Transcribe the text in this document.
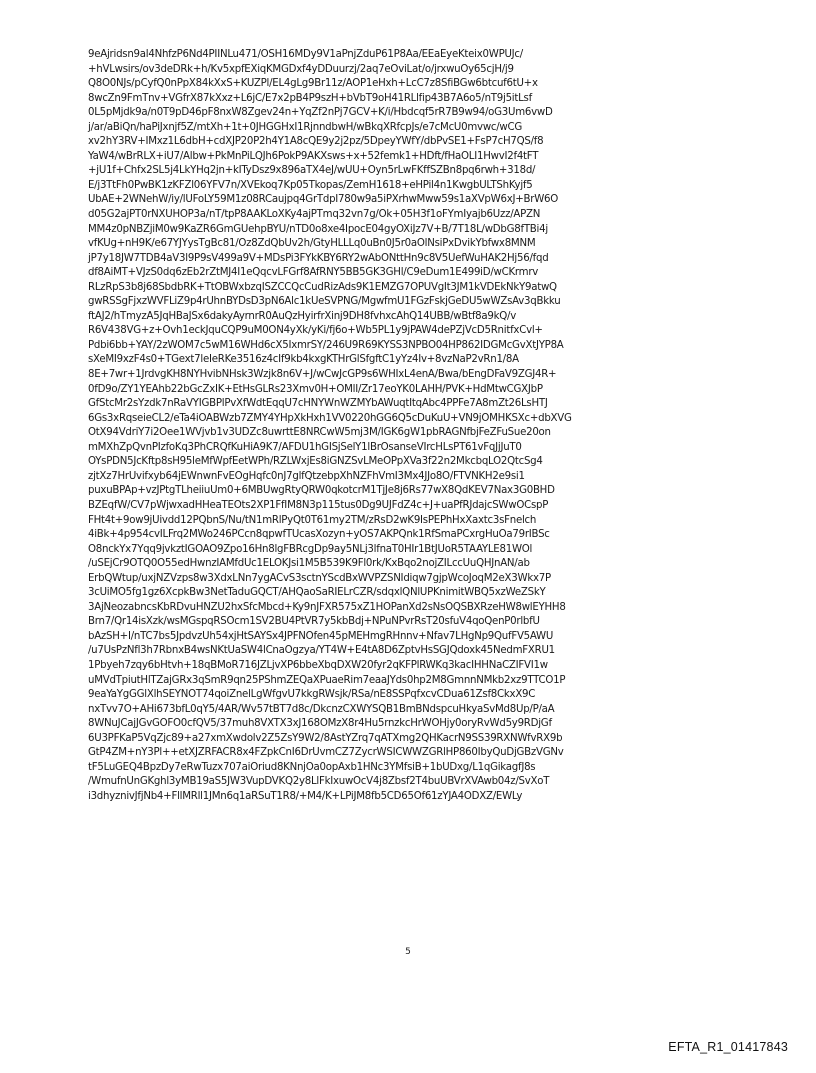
9eAjridsn9al4NhfzP6Nd4PIINLu471/OSH16MDy9V1aPnjZduP61P8Aa/EEaEyeKteix0WPUJc/
+hVLwsirs/ov3deDRk+h/Kv5xpfEXiqKMGDxf4yDDuurzj/2aq7eOviLat/o/jrxwuOy65cjH/j9
Q8O0NJs/pCyfQ0nPpX84kXxS+KUZPl/EL4gLg9Br11z/AOP1eHxh+LcC7z8SfiBGw6btcuf6tU+x
8wcZn9FmTnv+VGfrX87kXxz+L6jC/E7x2pB4P9szH+bVbT9oH41RLlfip43B7A6o5/nT9j5itLsf
0L5pMjdk9a/n0T9pD46pF8nxW8Zgev24n+YqZf2nPj7GCV+K/i/Hbdcqf5rR7B9w94/oG3Um6vwD
j/ar/aBiQn/haPiJxnjf5Z/mtXh+1t+0JHGGHxI1RjnndbwH/wBkqXRfcpJs/e7cMcU0mvwc/wCG
xv2hY3RV+IMxz1L6dbH+cdXJP20P2h4Y1A8cQE9y2j2pz/5DpeyYWfY/dbPvSE1+FsP7cH7QS/f8
YaW4/wBrRLX+iU7/Albw+PkMnPiLQJh6PokP9AKXsws+x+52femk1+HDft/fHaOLI1HwvI2f4tFT
+jU1f+Chfx2SL5j4LkYHq2jn+kITyDsz9x896aTX4eJ/wUU+Oyn5rLwFKffSZBn8pq6rwh+318d/
E/j3TtFh0PwBK1zKFZl06YFV7n/XVEkoq7Kp05Tkopas/ZemH1618+eHPil4n1KwgbULTShKyjf5
UbAE+2WNehW/iy/lUFoLY59M1z08RCaujpq4GrTdpI780w9a5iPXrhwMww59s1aXVpW6xJ+BrW6O
d05G2ajPT0rNXUHOP3a/nT/tpP8AAKLoXKy4ajPTmq32vn7g/Ok+05H3f1oFYmIyajb6Uzz/APZN
MM4z0pNBZjiM0w9KaZR6GmGUehpBYU/nTD0o8xe4IpocE04gyOXiJz7V+B/7T18L/wDbG8fTBi4j
vfKUg+nH9K/e67YJYysTgBc81/Oz8ZdQbUv2h/GtyHLLLq0uBn0J5r0aOlNsiPxDvikYbfwx8MNM
jP7y18JW7TDB4aV3l9P9sV499a9V+MDsPi3FYkKBY6RY2wAbONttHn9c8V5UefWuHAK2Hj56/fqd
df8AiMT+VJzS0dq6zEb2rZtMJ4I1eQqcvLFGrf8AfRNY5BB5GK3GHl/C9eDum1E499iD/wCKrmrv
RLzRpS3b8j68SbdbRK+TtOBWxbzqISZCCQcCudRizAds9K1EMZG7OPUVgIt3JM1kVDEkNkY9atwQ
gwRSSgFjxzWVFLiZ9p4rUhnBYDsD3pN6Alc1kUeSVPNG/MgwfmU1FGzFskjGeDU5wWZsAv3qBkku
ftAJ2/hTmyzA5JqHBaJSx6dakyAyrnrR0AuQzHyirfrXinj9DH8fvhxcAhQ14UBB/wBtf8a9kQ/v
R6V438VG+z+Ovh1eckJquCQP9uM0ON4yXk/yKi/fj6o+Wb5PL1y9jPAW4dePZjVcD5RnitfxCvl+
Pdbi6bb+YAY/2zWOM7c5wM16WHd6cX5IxmrSY/246U9R69KYSS3NPBO04HP862IDGMcGvXtJYP8A
sXeMI9xzF4s0+TGext7leIeRKe3516z4cIf9kb4kxgKTHrGlSfgftC1yYz4Iv+8vzNaP2vRn1/8A
8E+7wr+1JrdvgKH8NYHvibNHsk3Wzjk8n6V+J/wCwJcGP9s6WHIxL4enA/Bwa/bEngDFaV9ZGJ4R+
0fD9o/ZY1YEAhb22bGcZxIK+EtHsGLRs23Xmv0H+OMlI/Zr17eoYK0LAHH/PVK+HdMtwCGXJbP
GfStcMr2sYzdk7nRaVYIGBPlPvXfWdtEqqU7cHNYWnWZMYbAWuqtItqAbc4PPFe7A8mZt26LsHTJ
6Gs3xRqseieCL2/eTa4iOABWzb7ZMY4YHpXkHxh1VV0220hGG6Q5cDuKuU+VN9jOMHKSXc+dbXVG
OtX94VdriY7i2Oee1WVjvb1v3UDZc8uwrttE8NRCwW5mj3M/IGK6gW1pbRAGNfbjFeZFuSue20on
mMXhZpQvnPIzfoKq3PhCRQfKuHiA9K7/AFDU1hGISjSelY1lBrOsanseVIrcHLsPT61vFqJjJuT0
OYsPDN5JcKftp8sH95leMfWpfEetWPh/RZLWxjEs8iGNZSvLMeOPpXVa3f22n2MkcbqLO2QtcSg4
zjtXz7HrUvifxyb64jEWnwnFvEOgHqfc0nJ7glfQtzebpXhNZFhVmI3Mx4JJo8O/FTVNKH2e9si1
puxuBPAp+vzJPtgTLheiiuUm0+6MBUwgRtyQRW0qkotcrM1TjJe8j6Rs77wX8QdKEV7Nax3G0BHD
BZEqfW/CV7pWjwxadHHeaTEOts2XP1FfIM8N3p115tus0Dg9UJFdZ4c+J+uaPfRJdajcSWwOCspP
FHt4t+9ow9jUivdd12PQbnS/Nu/tN1mRlPyQt0T61my2TM/zRsD2wK9IsPEPhHxXaxtc3sFnelch
4iBk+4p954cvILFrq2MWo246PCcn8qpwfTUcasXozyn+yOS7AKPQnk1RfSmaPCxrgHuOa79rIBSc
O8nckYx7Yqq9jvkztIGOAO9Zpo16Hn8lgFBRcgDp9ay5NLj3lfnaT0HIr1BtJUoR5TAAYLE81WOl
/uSEjCr9OTQ0O55edHwnzIAMfdUc1ELOKJsi1M5B539K9Fl0rk/KxBqo2nojZILccUuQHJnAN/ab
ErbQWtup/uxjNZVzps8w3XdxLNn7ygACvS3sctnYScdBxWVPZSNIdiqw7gjpWcoJoqM2eX3Wkx7P
3cUiMO5fg1gz6XcpkBw3NetTaduGQCT/AHQaoSaRIELrCZR/sdqxlQNlUPKnimitWBQ5xzWeZSkY
3AjNeozabncsKbRDvuHNZU2hxSfcMbcd+Ky9nJFXR575xZ1HOPanXd2sNsOQSBXRzeHW8wlEYHH8
Brn7/Qr14isXzk/wsMGspqRSOcm1SV2BU4PtVR7y5kbBdj+NPuNPvrRsT20sfuV4qoQenP0rlbfU
bAzSH+I/nTC7bs5JpdvzUh54xjHtSAYSx4JPFNOfen45pMEHmgRHnnv+Nfav7LHgNp9QufFV5AWU
/u7UsPzNfl3h7RbnxB4wsNKtUaSW4lCnaOgzya/YT4W+E4tA8D6ZptvHsSGJQdoxk45NedmFXRU1
1Pbyeh7zqy6bHtvh+18qBMoR716JZLjvXP6bbeXbqDXW20fyr2qKFPlRWKq3kacIHHNaCZIFVI1w
uMVdTpiutHlTZajGRx3qSmR9qn25PShmZEQaXPuaeRim7eaaJYds0hp2M8GmnnNMkb2xz9TTCO1P
9eaYaYgGGlXlhSEYNOT74qoiZnelLgWfgvU7kkgRWsjk/RSa/nE8SSPqfxcvCDua61Zsf8CkxX9C
nxTvv7O+AHi673bfL0qY5/4AR/Wv57tBT7d8c/DkcnzCXWYSQB1BmBNdspcuHkyaSvMd8Up/P/aA
8WNuJCajJGvGOFO0cfQV5/37muh8VXTX3xJ168OMzX8r4Hu5rnzkcHrWOHjy0oryRvWd5y9RDjGf
6U3PFKaP5VqZjc89+a27xmXwdolv2Z5ZsY9W2/8AstYZrq7qATXmg2QHKacrN9SS39RXNWfvRX9b
GtP4ZM+nY3Pl++etXJZRFACR8x4FZpkCnI6DrUvmCZ7ZycrWSICWWZGRlHP860IbyQuDjGBzVGNv
tF5LuGEQ4BpzDy7eRwTuzx707aiOriud8KNnjOa0opAxb1HNc3YMfsiB+1bUDxg/L1qGikagfJ8s
/WmufnUnGKghl3yMB19aS5JW3VupDVKQ2y8LlFkIxuwOcV4j8Zbsf2T4buUBVrXVAwb04z/SvXoT
i3dhyznivJfjNb4+FllMRll1JMn6q1aRSuT1R8/+M4/K+LPiJM8fb5CD65Of61zYJA4ODXZ/EWLy
5
EFTA_R1_01417843
